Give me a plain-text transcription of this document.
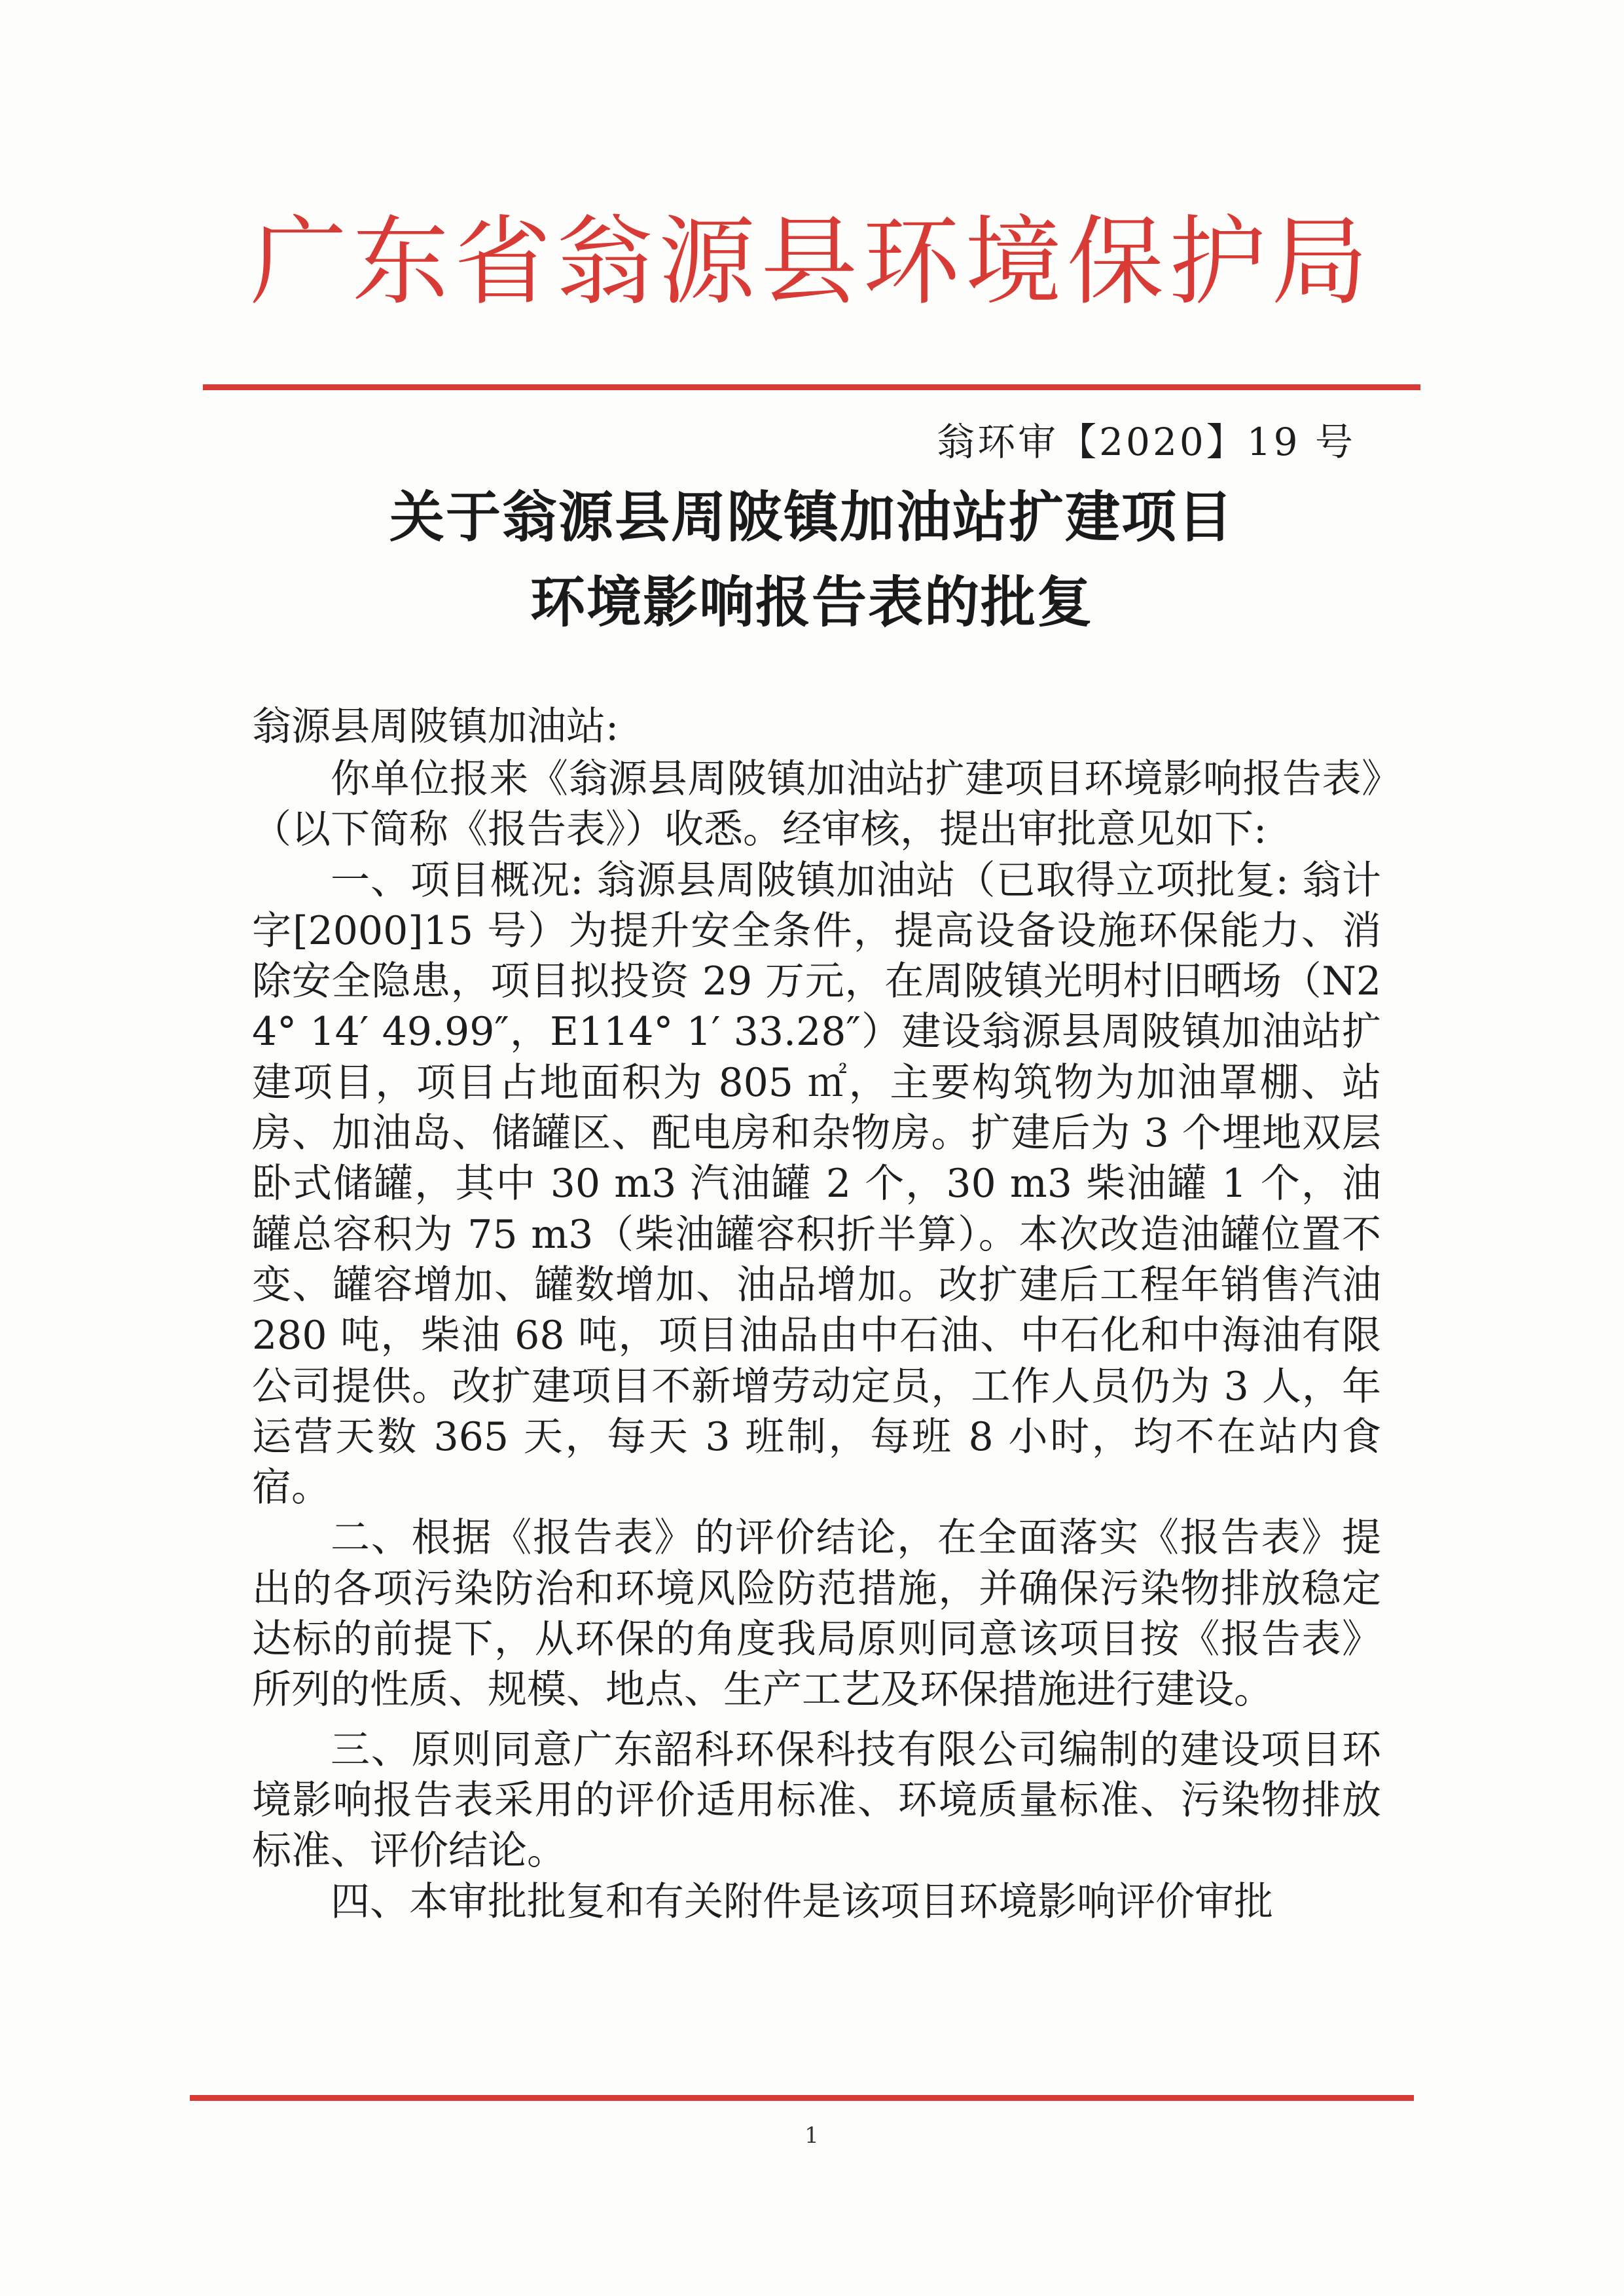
广东省翁源县环境保护局
翁环审【2020】19 号
关于翁源县周陂镇加油站扩建项目
环境影响报告表的批复
翁源县周陂镇加油站:

你单位报来《翁源县周陂镇加油站扩建项目环境影响报告表》（以下简称《报告表》）收悉。经审核，提出审批意见如下:

一、项目概况: 翁源县周陂镇加油站（已取得立项批复: 翁计字[2000]15 号）为提升安全条件，提高设备设施环保能力、消除安全隐患，项目拟投资 29 万元，在周陂镇光明村旧晒场（N24° 14′ 49.99″，E114° 1′ 33.28″）建设翁源县周陂镇加油站扩建项目，项目占地面积为 805 ㎡，主要构筑物为加油罩棚、站房、加油岛、储罐区、配电房和杂物房。扩建后为 3 个埋地双层卧式储罐，其中 30 m3 汽油罐 2 个，30 m3 柴油罐 1 个，油罐总容积为 75 m3（柴油罐容积折半算）。本次改造油罐位置不变、罐容增加、罐数增加、油品增加。改扩建后工程年销售汽油 280 吨，柴油 68 吨，项目油品由中石油、中石化和中海油有限公司提供。改扩建项目不新增劳动定员，工作人员仍为 3 人，年运营天数 365 天，每天 3 班制，每班 8 小时，均不在站内食宿。

二、根据《报告表》的评价结论，在全面落实《报告表》提出的各项污染防治和环境风险防范措施，并确保污染物排放稳定达标的前提下，从环保的角度我局原则同意该项目按《报告表》所列的性质、规模、地点、生产工艺及环保措施进行建设。

三、原则同意广东韶科环保科技有限公司编制的建设项目环境影响报告表采用的评价适用标准、环境质量标准、污染物排放标准、评价结论。

四、本审批批复和有关附件是该项目环境影响评价审批

1
